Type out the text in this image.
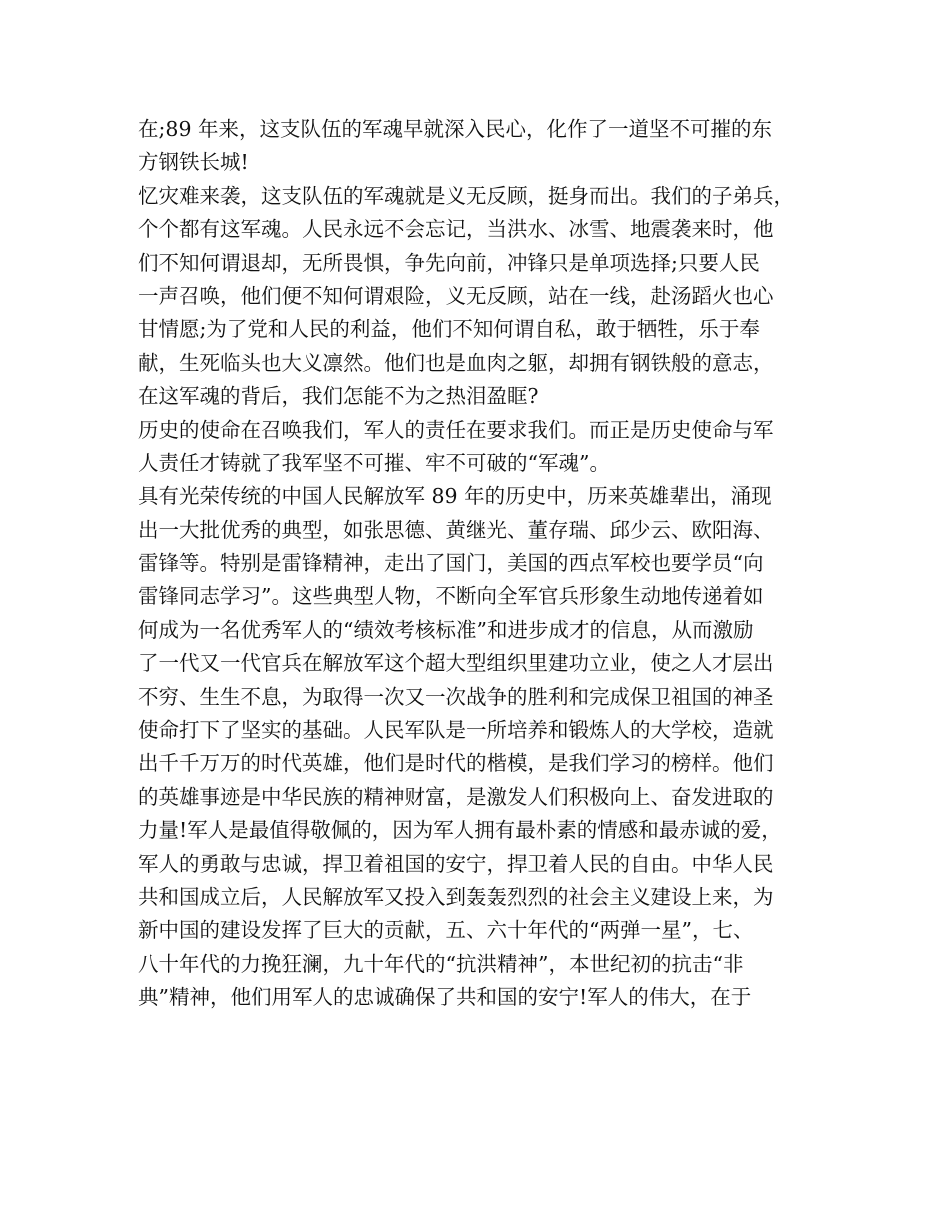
在;89 年来，这支队伍的军魂早就深入民心，化作了一道坚不可摧的东
方钢铁长城!
忆灾难来袭，这支队伍的军魂就是义无反顾，挺身而出。我们的子弟兵，
个个都有这军魂。人民永远不会忘记，当洪水、冰雪、地震袭来时，他
们不知何谓退却，无所畏惧，争先向前，冲锋只是单项选择;只要人民
一声召唤，他们便不知何谓艰险，义无反顾，站在一线，赴汤蹈火也心
甘情愿;为了党和人民的利益，他们不知何谓自私，敢于牺牲，乐于奉
献，生死临头也大义凛然。他们也是血肉之躯，却拥有钢铁般的意志，
在这军魂的背后，我们怎能不为之热泪盈眶?
历史的使命在召唤我们，军人的责任在要求我们。而正是历史使命与军
人责任才铸就了我军坚不可摧、牢不可破的“军魂”。
具有光荣传统的中国人民解放军 89 年的历史中，历来英雄辈出，涌现
出一大批优秀的典型，如张思德、黄继光、董存瑞、邱少云、欧阳海、
雷锋等。特别是雷锋精神，走出了国门，美国的西点军校也要学员“向
雷锋同志学习”。这些典型人物，不断向全军官兵形象生动地传递着如
何成为一名优秀军人的“绩效考核标准”和进步成才的信息，从而激励
了一代又一代官兵在解放军这个超大型组织里建功立业，使之人才层出
不穷、生生不息，为取得一次又一次战争的胜利和完成保卫祖国的神圣
使命打下了坚实的基础。人民军队是一所培养和锻炼人的大学校，造就
出千千万万的时代英雄，他们是时代的楷模，是我们学习的榜样。他们
的英雄事迹是中华民族的精神财富，是激发人们积极向上、奋发进取的
力量!军人是最值得敬佩的，因为军人拥有最朴素的情感和最赤诚的爱，
军人的勇敢与忠诚，捍卫着祖国的安宁，捍卫着人民的自由。中华人民
共和国成立后，人民解放军又投入到轰轰烈烈的社会主义建设上来，为
新中国的建设发挥了巨大的贡献，五、六十年代的“两弹一星”，七、
八十年代的力挽狂澜，九十年代的“抗洪精神”，本世纪初的抗击“非
典”精神，他们用军人的忠诚确保了共和国的安宁!军人的伟大，在于
